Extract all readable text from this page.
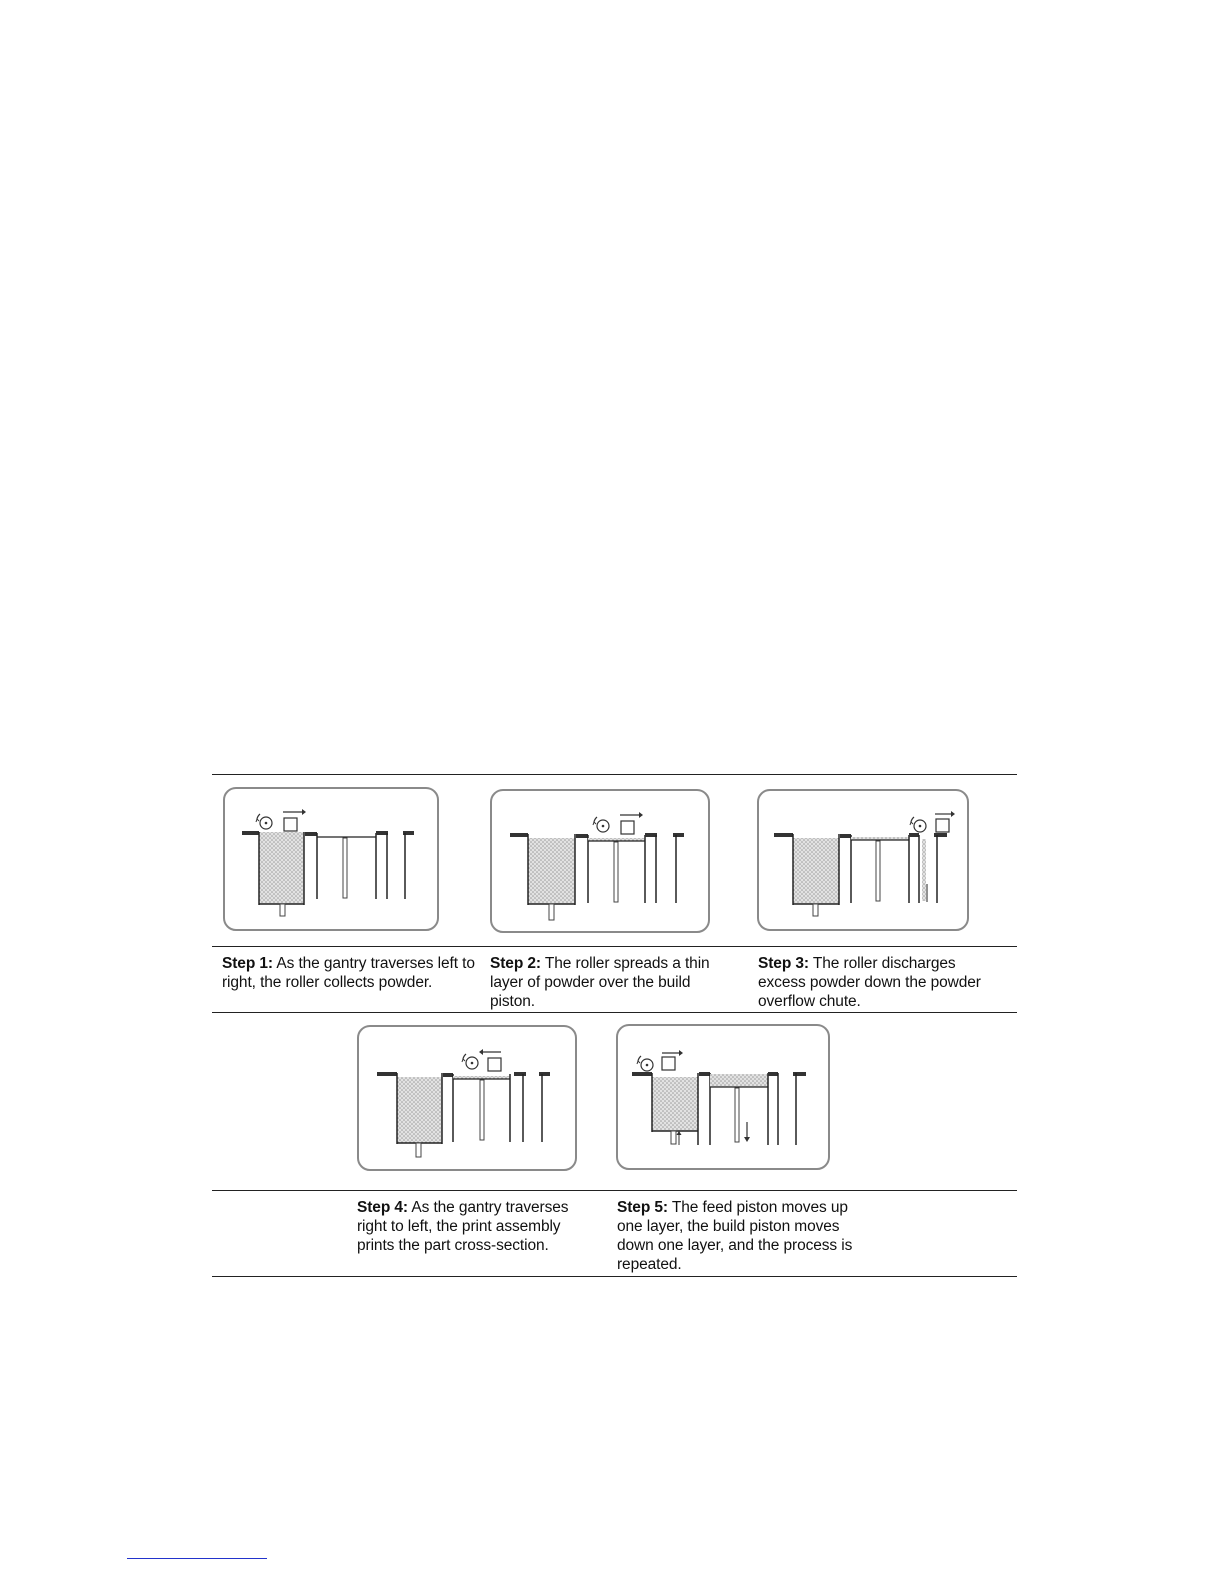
Step 1: As the gantry traverses left to right, the roller collects powder.
Step 2: The roller spreads a thin layer of powder over the build piston.
Step 3: The roller discharges excess powder down the powder overflow chute.
Step 4: As the gantry traverses right to left, the print assembly prints the part cross-section.
Step 5: The feed piston moves up one layer, the build piston moves down one layer, and the process is repeated.
